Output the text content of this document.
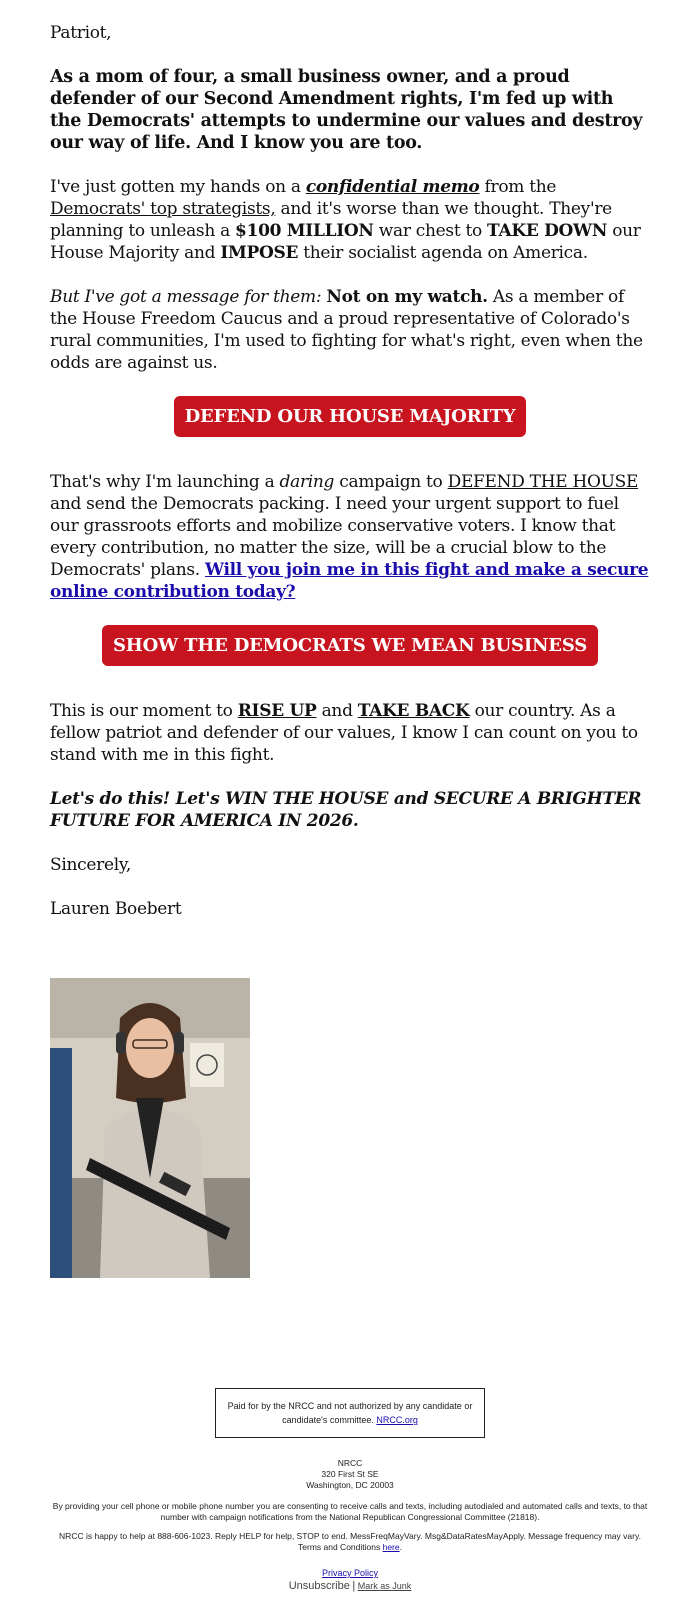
Patriot,

As a mom of four, a small business owner, and a proud defender of our Second Amendment rights, I'm fed up with the Democrats' attempts to undermine our values and destroy our way of life. And I know you are too.

I've just gotten my hands on a confidential memo from the Democrats' top strategists, and it's worse than we thought. They're planning to unleash a $100 MILLION war chest to TAKE DOWN our House Majority and IMPOSE their socialist agenda on America.

But I've got a message for them: Not on my watch. As a member of the House Freedom Caucus and a proud representative of Colorado's rural communities, I'm used to fighting for what's right, even when the odds are against us.

DEFEND OUR HOUSE MAJORITY

That's why I'm launching a daring campaign to DEFEND THE HOUSE and send the Democrats packing. I need your urgent support to fuel our grassroots efforts and mobilize conservative voters. I know that every contribution, no matter the size, will be a crucial blow to the Democrats' plans. Will you join me in this fight and make a secure online contribution today?

SHOW THE DEMOCRATS WE MEAN BUSINESS

This is our moment to RISE UP and TAKE BACK our country. As a fellow patriot and defender of our values, I know I can count on you to stand with me in this fight.

Let's do this! Let's WIN THE HOUSE and SECURE A BRIGHTER FUTURE FOR AMERICA IN 2026.

Sincerely,

Lauren Boebert

Paid for by the NRCC and not authorized by any candidate or candidate's committee. NRCC.org
NRCC
320 First St SE
Washington, DC 20003
By providing your cell phone or mobile phone number you are consenting to receive calls and texts, including autodialed and automated calls and texts, to that number with campaign notifications from the National Republican Congressional Committee (21818).
NRCC is happy to help at 888-606-1023. Reply HELP for help, STOP to end. MessFreqMayVary. Msg&DataRatesMayApply. Message frequency may vary. Terms and Conditions here.
Privacy Policy
Unsubscribe | Mark as Junk
